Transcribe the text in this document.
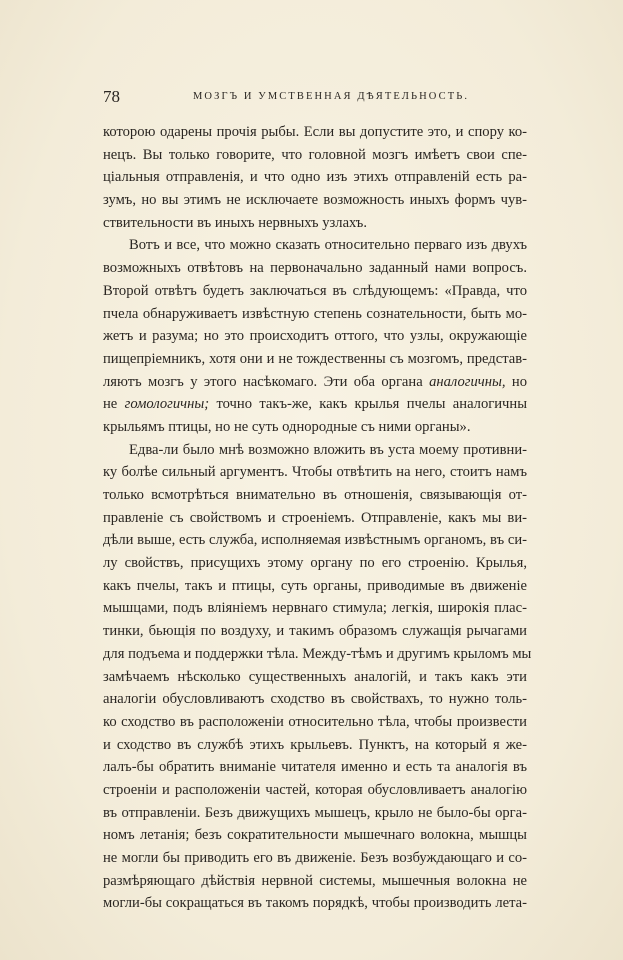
78	МОЗГЪ И УМСТВЕННАЯ ДѢЯТЕЛЬНОСТЬ.
которою одарены прочія рыбы. Если вы допустите это, и спору ко-
нецъ. Вы только говорите, что головной мозгъ имѣетъ свои спе-
ціальныя отправленія, и что одно изъ этихъ отправленій есть ра-
зумъ, но вы этимъ не исключаете возможность иныхъ формъ чув-
ствительности въ иныхъ нервныхъ узлахъ.
Вотъ и все, что можно сказать относительно перваго изъ двухъ
возможныхъ отвѣтовъ на первоначально заданный нами вопросъ.
Второй отвѣтъ будетъ заключаться въ слѣдующемъ: «Правда, что
пчела обнаруживаетъ извѣстную степень сознательности, быть мо-
жетъ и разума; но это происходитъ оттого, что узлы, окружающіе
пищепріемникъ, хотя они и не тождественны съ мозгомъ, представ-
ляютъ мозгъ у этого насѣкомаго. Эти оба органа аналогичны, но
не гомологичны; точно такъ-же, какъ крылья пчелы аналогичны
крыльямъ птицы, но не суть однородные съ ними органы».
Едва-ли было мнѣ возможно вложить въ уста моему противни-
ку болѣе сильный аргументъ. Чтобы отвѣтить на него, стоитъ намъ
только всмотрѣться внимательно въ отношенія, связывающія от-
правленіе съ свойствомъ и строеніемъ. Отправленіе, какъ мы ви-
дѣли выше, есть служба, исполняемая извѣстнымъ органомъ, въ си-
лу свойствъ, присущихъ этому органу по его строенію. Крылья,
какъ пчелы, такъ и птицы, суть органы, приводимые въ движеніе
мышцами, подъ вліяніемъ нервнаго стимула; легкія, широкія плас-
тинки, бьющія по воздуху, и такимъ образомъ служащія рычагами
для подъема и поддержки тѣла. Между-тѣмъ и другимъ крыломъ мы
замѣчаемъ нѣсколько существенныхъ аналогій, и такъ какъ эти
аналогіи обусловливаютъ сходство въ свойствахъ, то нужно толь-
ко сходство въ расположеніи относительно тѣла, чтобы произвести
и сходство въ службѣ этихъ крыльевъ. Пунктъ, на который я же-
лалъ-бы обратить вниманіе читателя именно и есть та аналогія въ
строеніи и расположеніи частей, которая обусловливаетъ аналогію
въ отправленіи. Безъ движущихъ мышецъ, крыло не было-бы орга-
номъ летанія; безъ сократительности мышечнаго волокна, мышцы
не могли бы приводить его въ движеніе. Безъ возбуждающаго и со-
размѣряющаго дѣйствія нервной системы, мышечныя волокна не
могли-бы сокращаться въ такомъ порядкѣ, чтобы производить лета-
